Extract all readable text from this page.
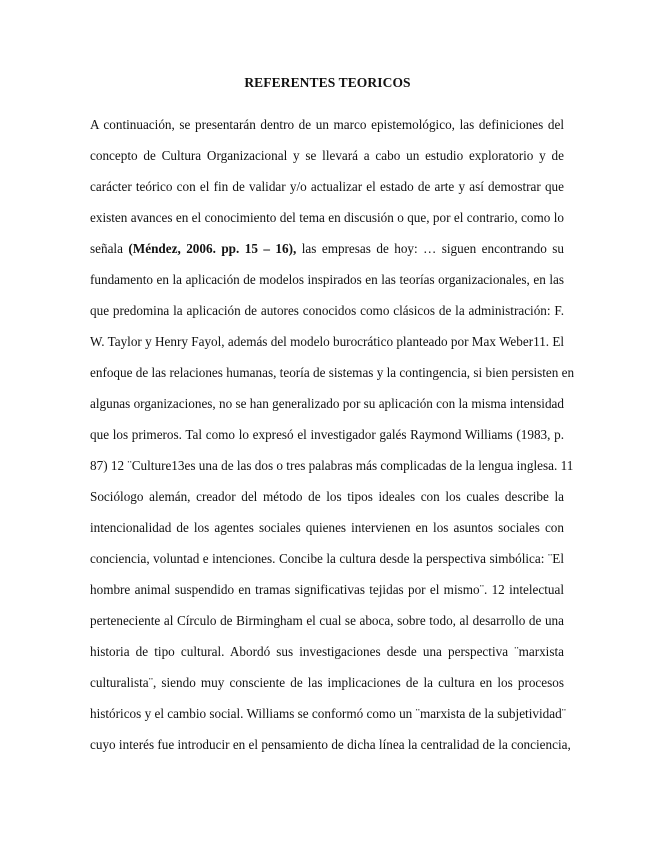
REFERENTES TEORICOS
A continuación, se presentarán dentro de un marco epistemológico, las definiciones del
concepto de Cultura Organizacional y se llevará a cabo un estudio exploratorio y de
carácter teórico con el fin de validar y/o actualizar el estado de arte y así demostrar que
existen avances en el conocimiento del tema en discusión o que, por el contrario, como lo
señala (Méndez, 2006. pp. 15 – 16), las empresas de hoy: … siguen encontrando su
fundamento en la aplicación de modelos inspirados en las teorías organizacionales, en las
que predomina la aplicación de autores conocidos como clásicos de la administración: F.
W. Taylor y Henry Fayol, además del modelo burocrático planteado por Max Weber11. El
enfoque de las relaciones humanas, teoría de sistemas y la contingencia, si bien persisten en
algunas organizaciones, no se han generalizado por su aplicación con la misma intensidad
que los primeros. Tal como lo expresó el investigador galés Raymond Williams (1983, p.
87) 12 ¨Culture13es una de las dos o tres palabras más complicadas de la lengua inglesa. 11
Sociólogo alemán, creador del método de los tipos ideales con los cuales describe la
intencionalidad de los agentes sociales quienes intervienen en los asuntos sociales con
conciencia, voluntad e intenciones. Concibe la cultura desde la perspectiva simbólica: ¨El
hombre animal suspendido en tramas significativas tejidas por el mismo¨. 12 intelectual
perteneciente al Círculo de Birmingham el cual se aboca, sobre todo, al desarrollo de una
historia de tipo cultural. Abordó sus investigaciones desde una perspectiva ¨marxista
culturalista¨, siendo muy consciente de las implicaciones de la cultura en los procesos
históricos y el cambio social. Williams se conformó como un ¨marxista de la subjetividad¨
cuyo interés fue introducir en el pensamiento de dicha línea la centralidad de la conciencia,
